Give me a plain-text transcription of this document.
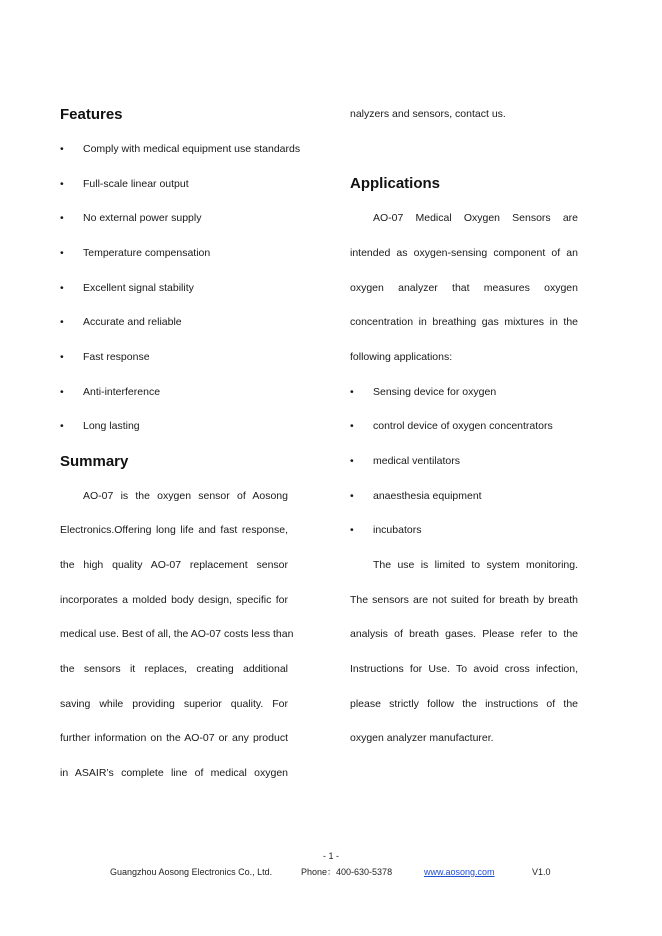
Features
• Comply with medical equipment use standards
• Full-scale linear output
• No external power supply
• Temperature compensation
• Excellent signal stability
• Accurate and reliable
• Fast response
• Anti-interference
• Long lasting
Summary
AO-07 is the oxygen sensor of Aosong
Electronics.Offering long life and fast response,
the high quality AO-07 replacement sensor
incorporates a molded body design, specific for
medical use. Best of all, the AO-07 costs less than
the sensors it replaces, creating additional
saving while providing superior quality. For
further information on the AO-07 or any product
in ASAIR’s complete line of medical oxygen
nalyzers and sensors, contact us.
Applications
AO-07 Medical Oxygen Sensors are
intended as oxygen-sensing component of an
oxygen analyzer that measures oxygen
concentration in breathing gas mixtures in the
following applications:
• Sensing device for oxygen
• control device of oxygen concentrators
• medical ventilators
• anaesthesia equipment
• incubators
The use is limited to system monitoring.
The sensors are not suited for breath by breath
analysis of breath gases. Please refer to the
Instructions for Use. To avoid cross infection,
please strictly follow the instructions of the
oxygen analyzer manufacturer.
- 1 -
Guangzhou Aosong Electronics Co., Ltd.	Phone：400-630-5378	www.aosong.com	V1.0
